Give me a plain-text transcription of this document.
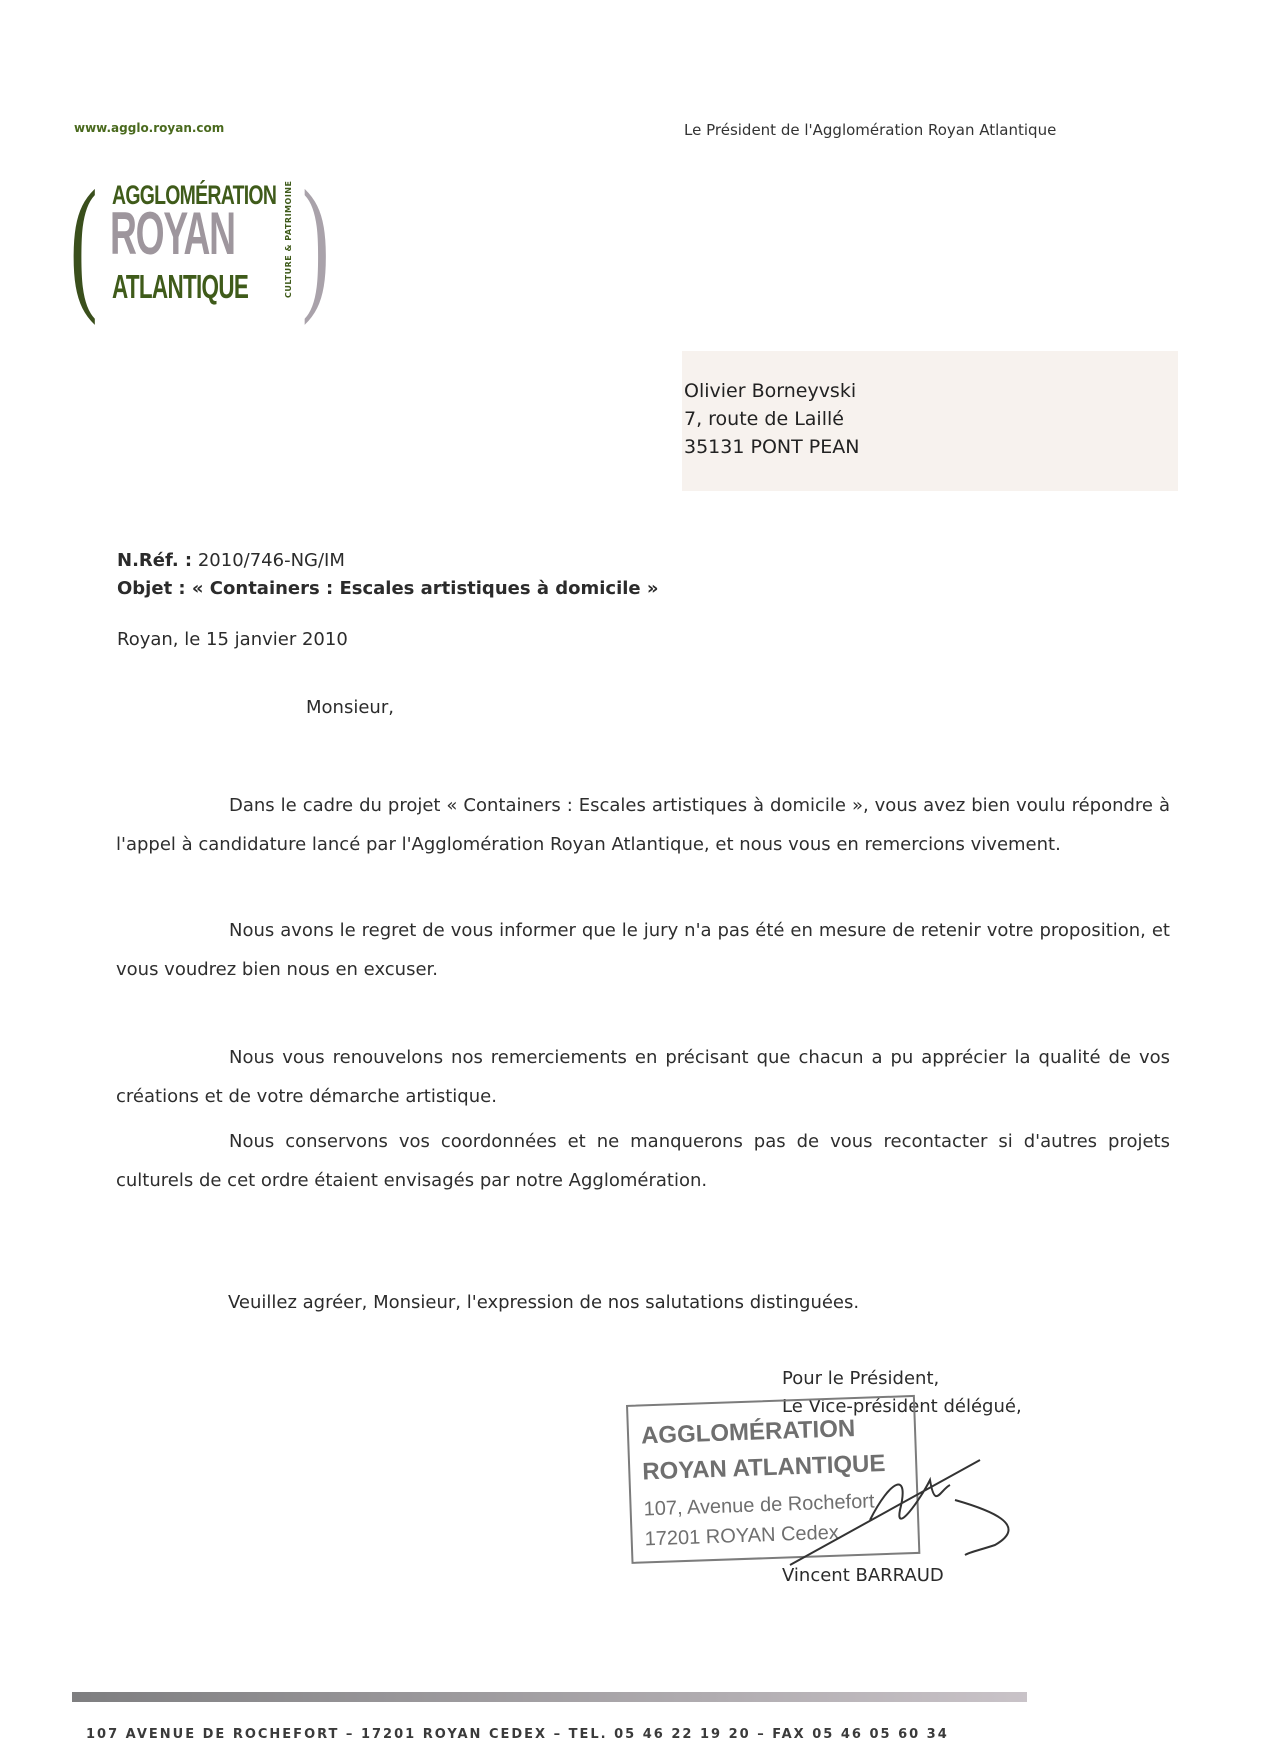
www.agglo.royan.com	Le Président de l'Agglomération Royan Atlantique
( AGGLOMÉRATION
ROYAN
ATLANTIQUE	CULTURE & PATRIMOINE )
Olivier Borneyvski
7, route de Laillé
35131 PONT PEAN
N.Réf. : 2010/746-NG/IM
Objet : « Containers : Escales artistiques à domicile »
Royan, le 15 janvier 2010
Monsieur,

Dans le cadre du projet « Containers : Escales artistiques à domicile », vous avez bien voulu répondre à l'appel à candidature lancé par l'Agglomération Royan Atlantique, et nous vous en remercions vivement.

Nous avons le regret de vous informer que le jury n'a pas été en mesure de retenir votre proposition, et vous voudrez bien nous en excuser.

Nous vous renouvelons nos remerciements en précisant que chacun a pu apprécier la qualité de vos créations et de votre démarche artistique.

Nous conservons vos coordonnées et ne manquerons pas de vous recontacter si d'autres projets culturels de cet ordre étaient envisagés par notre Agglomération.

Veuillez agréer, Monsieur, l'expression de nos salutations distinguées.
Pour le Président,
Le Vice-président délégué,
AGGLOMÉRATION
ROYAN ATLANTIQUE
107, Avenue de Rochefort
17201 ROYAN Cedex
Vincent BARRAUD
107 AVENUE DE ROCHEFORT – 17201 ROYAN CEDEX – TEL. 05 46 22 19 20 – FAX 05 46 05 60 34
